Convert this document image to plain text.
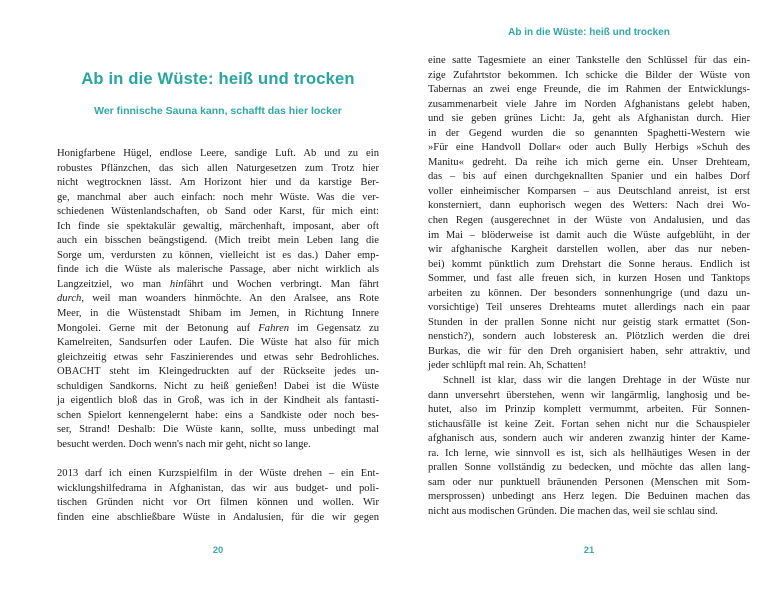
Ab in die Wüste: heiß und trocken
Wer finnische Sauna kann, schafft das hier locker
Honigfarbene Hügel, endlose Leere, sandige Luft. Ab und zu ein
robustes Pflänzchen, das sich allen Naturgesetzen zum Trotz hier
nicht wegtrocknen lässt. Am Horizont hier und da karstige Ber-
ge, manchmal aber auch einfach: noch mehr Wüste. Was die ver-
schiedenen Wüstenlandschaften, ob Sand oder Karst, für mich eint:
Ich finde sie spektakulär gewaltig, märchenhaft, imposant, aber oft
auch ein bisschen beängstigend. (Mich treibt mein Leben lang die
Sorge um, verdursten zu können, vielleicht ist es das.) Daher emp-
finde ich die Wüste als malerische Passage, aber nicht wirklich als
Langzeitziel, wo man hinfährt und Wochen verbringt. Man fährt
durch, weil man woanders hinmöchte. An den Aralsee, ans Rote
Meer, in die Wüstenstadt Shibam im Jemen, in Richtung Innere
Mongolei. Gerne mit der Betonung auf Fahren im Gegensatz zu
Kamelreiten, Sandsurfen oder Laufen. Die Wüste hat also für mich
gleichzeitig etwas sehr Faszinierendes und etwas sehr Bedrohliches.
OBACHT steht im Kleingedruckten auf der Rückseite jedes un-
schuldigen Sandkorns. Nicht zu heiß genießen! Dabei ist die Wüste
ja eigentlich bloß das in Groß, was ich in der Kindheit als fantasti-
schen Spielort kennengelernt habe: eins a Sandkiste oder noch bes-
ser, Strand! Deshalb: Die Wüste kann, sollte, muss unbedingt mal
besucht werden. Doch wenn's nach mir geht, nicht so lange.
2013 darf ich einen Kurzspielfilm in der Wüste drehen – ein Ent-
wicklungshilfedrama in Afghanistan, das wir aus budget- und poli-
tischen Gründen nicht vor Ort filmen können und wollen. Wir
finden eine abschließbare Wüste in Andalusien, für die wir gegen
20
Ab in die Wüste: heiß und trocken
eine satte Tagesmiete an einer Tankstelle den Schlüssel für das ein-
zige Zufahrtstor bekommen. Ich schicke die Bilder der Wüste von
Tabernas an zwei enge Freunde, die im Rahmen der Entwicklungs-
zusammenarbeit viele Jahre im Norden Afghanistans gelebt haben,
und sie geben grünes Licht: Ja, geht als Afghanistan durch. Hier
in der Gegend wurden die so genannten Spaghetti-Western wie
»Für eine Handvoll Dollar« oder auch Bully Herbigs »Schuh des
Manitu« gedreht. Da reihe ich mich gerne ein. Unser Drehteam,
das – bis auf einen durchgeknallten Spanier und ein halbes Dorf
voller einheimischer Komparsen – aus Deutschland anreist, ist erst
konsterniert, dann euphorisch wegen des Wetters: Nach drei Wo-
chen Regen (ausgerechnet in der Wüste von Andalusien, und das
im Mai – blöderweise ist damit auch die Wüste aufgeblüht, in der
wir afghanische Kargheit darstellen wollen, aber das nur neben-
bei) kommt pünktlich zum Drehstart die Sonne heraus. Endlich ist
Sommer, und fast alle freuen sich, in kurzen Hosen und Tanktops
arbeiten zu können. Der besonders sonnenhungrige (und dazu un-
vorsichtige) Teil unseres Drehteams mutet allerdings nach ein paar
Stunden in der prallen Sonne nicht nur geistig stark ermattet (Son-
nenstich?), sondern auch lobsteresk an. Plötzlich werden die drei
Burkas, die wir für den Dreh organisiert haben, sehr attraktiv, und
jeder schlüpft mal rein. Ah, Schatten!
Schnell ist klar, dass wir die langen Drehtage in der Wüste nur
dann unversehrt überstehen, wenn wir langärmlig, langhosig und be-
hutet, also im Prinzip komplett vermummt, arbeiten. Für Sonnen-
stichausfälle ist keine Zeit. Fortan sehen nicht nur die Schauspieler
afghanisch aus, sondern auch wir anderen zwanzig hinter der Kame-
ra. Ich lerne, wie sinnvoll es ist, sich als hellhäutiges Wesen in der
prallen Sonne vollständig zu bedecken, und möchte das allen lang-
sam oder nur punktuell bräunenden Personen (Menschen mit Som-
mersprossen) unbedingt ans Herz legen. Die Beduinen machen das
nicht aus modischen Gründen. Die machen das, weil sie schlau sind.
21
